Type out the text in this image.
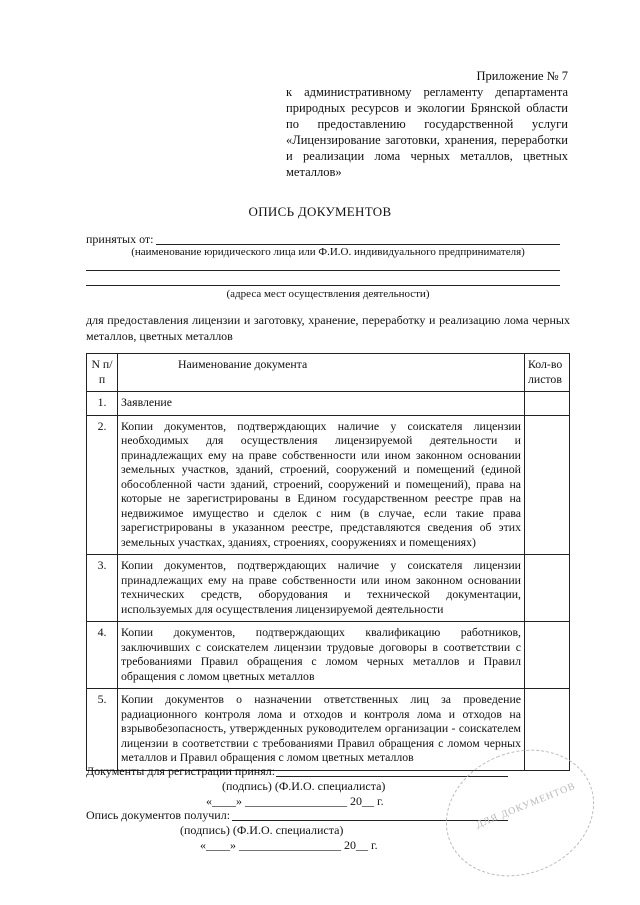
Приложение № 7
к административному регламенту департамента природных ресурсов и экологии Брянской области по предоставлению государственной услуги «Лицензирование заготовки, хранения, переработки и реализации лома черных металлов, цветных металлов»
ОПИСЬ ДОКУМЕНТОВ
принятых от:
(наименование юридического лица или Ф.И.О. индивидуального предпринимателя)
(адреса мест осуществления деятельности)
для предоставления лицензии и заготовку, хранение, переработку и реализацию лома черных металлов, цветных металлов
N п/п	Наименование документа	Кол-во листов
1.	Заявление	
2.	Копии документов, подтверждающих наличие у соискателя лицензии необходимых для осуществления лицензируемой деятельности и принадлежащих ему на праве собственности или ином законном основании земельных участков, зданий, строений, сооружений и помещений (единой обособленной части зданий, строений, сооружений и помещений), права на которые не зарегистрированы в Едином государственном реестре прав на недвижимое имущество и сделок с ним (в случае, если такие права зарегистрированы в указанном реестре, представляются сведения об этих земельных участках, зданиях, строениях, сооружениях и помещениях)	
3.	Копии документов, подтверждающих наличие у соискателя лицензии принадлежащих ему на праве собственности или ином законном основании технических средств, оборудования и технической документации, используемых для осуществления лицензируемой деятельности	
4.	Копии документов, подтверждающих квалификацию работников, заключивших с соискателем лицензии трудовые договоры в соответствии с требованиями Правил обращения с ломом черных металлов и Правил обращения с ломом цветных металлов	
5.	Копии документов о назначении ответственных лиц за проведение радиационного контроля лома и отходов и контроля лома и отходов на взрывобезопасность, утвержденных руководителем организации - соискателем лицензии в соответствии с требованиями Правил обращения с ломом черных металлов и Правил обращения с ломом цветных металлов	
Документы для регистрации принял:
(подпись) (Ф.И.О. специалиста)
«____» _________________ 20__ г.
Опись документов получил:
(подпись) (Ф.И.О. специалиста)
«____» _________________ 20__ г.
ДЛЯ ДОКУМЕНТОВ
